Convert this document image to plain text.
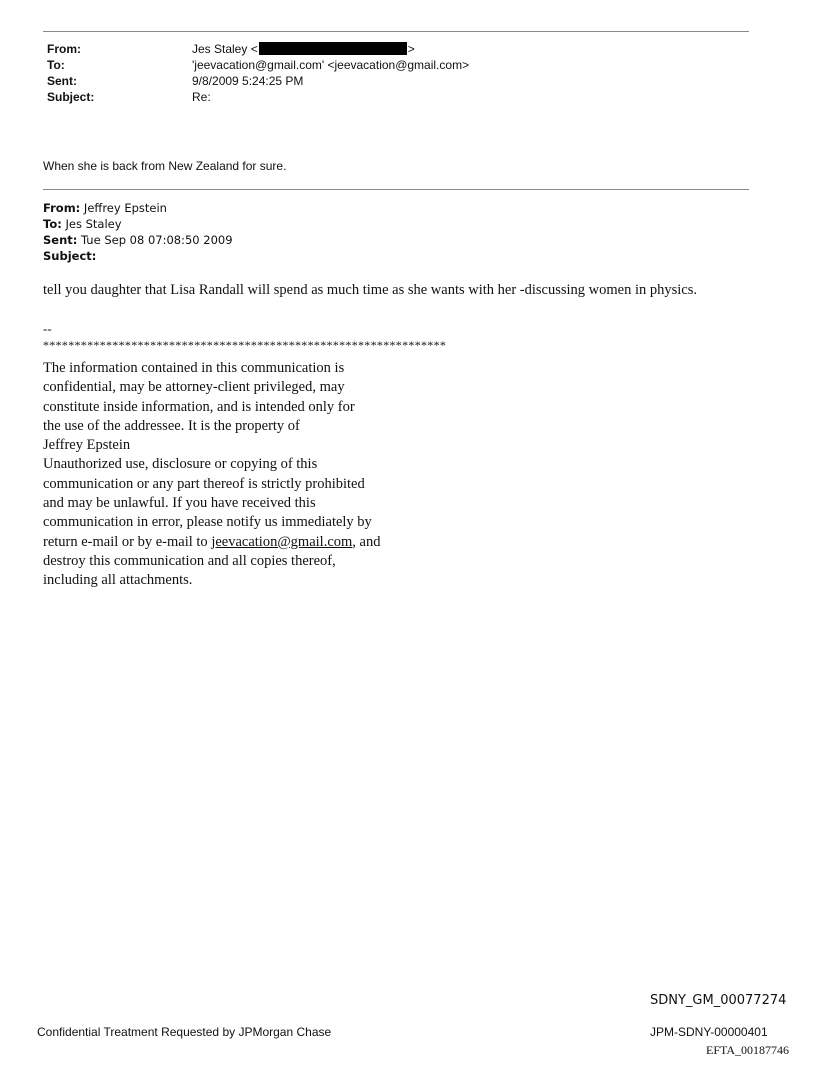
From:	Jes Staley <	>
To:	'jeevacation@gmail.com' <jeevacation@gmail.com>
Sent:	9/8/2009 5:24:25 PM
Subject:	Re:
When she is back from New Zealand for sure.
From: Jeffrey Epstein
To: Jes Staley
Sent: Tue Sep 08 07:08:50 2009
Subject:
tell you daughter that Lisa Randall will spend as much time as she wants with her -discussing women in physics.
--
****************************************************************
The information contained in this communication is
confidential, may be attorney-client privileged, may
constitute inside information, and is intended only for
the use of the addressee. It is the property of
Jeffrey Epstein
Unauthorized use, disclosure or copying of this
communication or any part thereof is strictly prohibited
and may be unlawful. If you have received this
communication in error, please notify us immediately by
return e-mail or by e-mail to jeevacation@gmail.com, and
destroy this communication and all copies thereof,
including all attachments.
SDNY_GM_00077274
Confidential Treatment Requested by JPMorgan Chase	JPM-SDNY-00000401
EFTA_00187746
